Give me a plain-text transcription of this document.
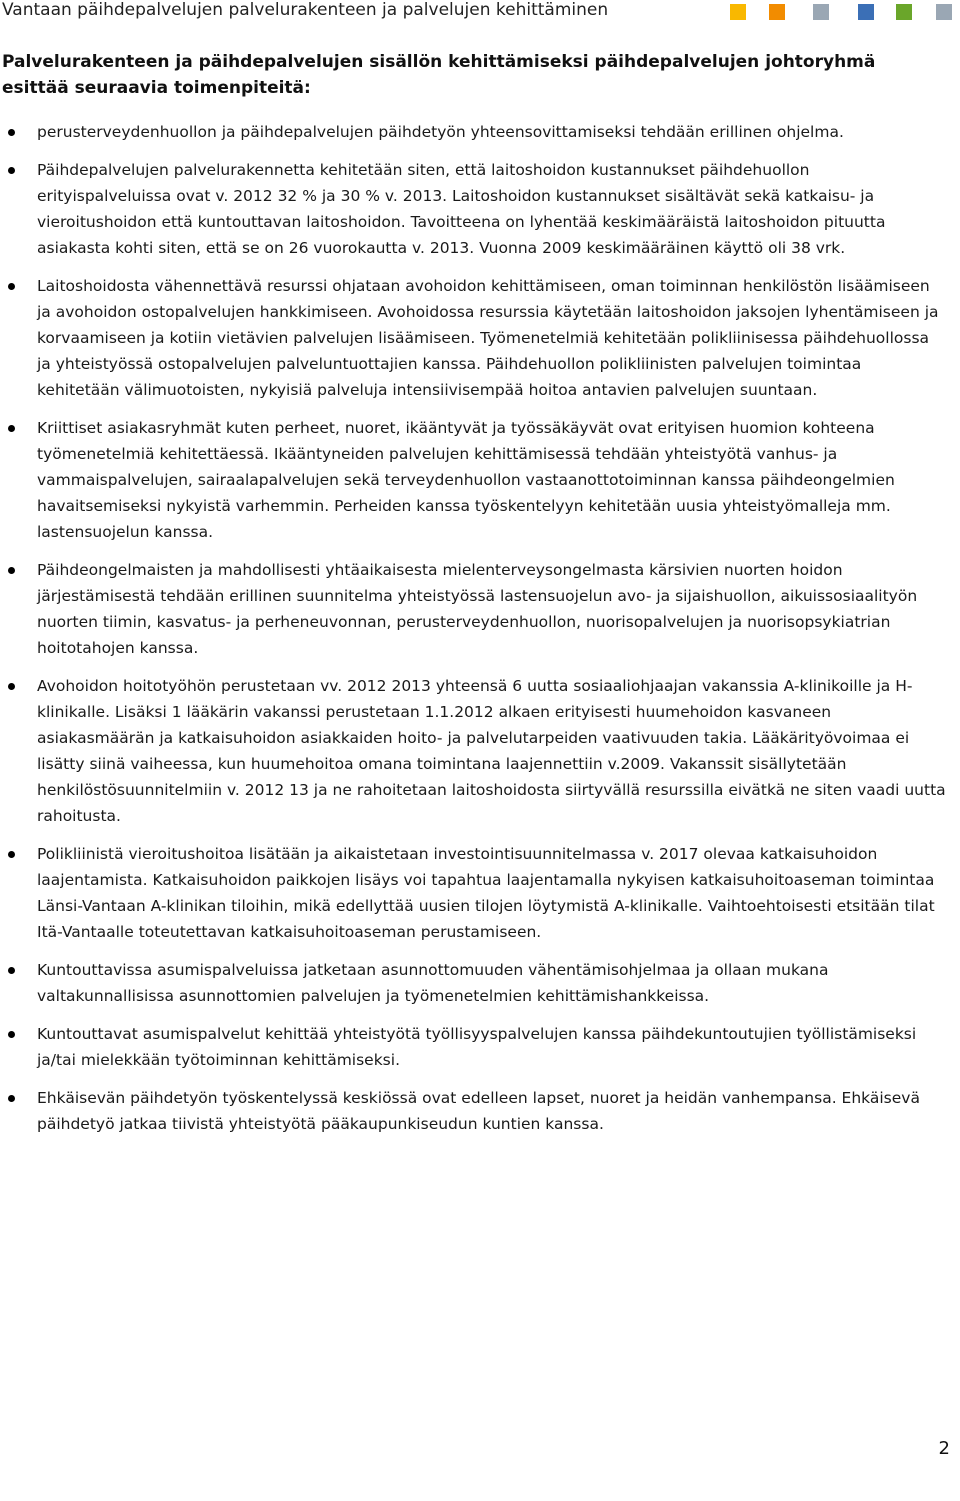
Vantaan päihdepalvelujen palvelurakenteen ja palvelujen kehittäminen
Palvelurakenteen ja päihdepalvelujen sisällön kehittämiseksi päihdepalvelujen johtoryhmä esittää seuraavia toimenpiteitä:
perusterveydenhuollon ja päihdepalvelujen päihdetyön yhteensovittamiseksi tehdään erillinen ohjelma.
Päihdepalvelujen palvelurakennetta kehitetään siten, että laitoshoidon kustannukset päihdehuollon erityispalveluissa ovat v. 2012 32 % ja 30 % v. 2013. Laitoshoidon kustannukset sisältävät sekä katkaisu- ja vieroitushoidon että kuntouttavan laitoshoidon. Tavoitteena on lyhentää keskimääräistä laitoshoidon pituutta asiakasta kohti siten, että se on 26 vuorokautta v. 2013. Vuonna 2009 keskimääräinen käyttö oli 38 vrk.
Laitoshoidosta vähennettävä resurssi ohjataan avohoidon kehittämiseen, oman toiminnan henkilöstön lisäämiseen ja avohoidon ostopalvelujen hankkimiseen. Avohoidossa resurssia käytetään laitoshoidon jaksojen lyhentämiseen ja korvaamiseen ja kotiin vietävien palvelujen lisäämiseen. Työmenetelmiä kehitetään polikliinisessa päihdehuollossa ja yhteistyössä ostopalvelujen palveluntuottajien kanssa. Päihdehuollon polikliinisten palvelujen toimintaa kehitetään välimuotoisten, nykyisiä palveluja intensiivisempää hoitoa antavien palvelujen suuntaan.
Kriittiset asiakasryhmät kuten perheet, nuoret, ikääntyvät ja työssäkäyvät ovat erityisen huomion kohteena työmenetelmiä kehitettäessä. Ikääntyneiden palvelujen kehittämisessä tehdään yhteistyötä vanhus- ja vammaispalvelujen, sairaalapalvelujen sekä terveydenhuollon vastaanottotoiminnan kanssa päihdeongelmien havaitsemiseksi nykyistä varhemmin. Perheiden kanssa työskentelyyn kehitetään uusia yhteistyömalleja mm. lastensuojelun kanssa.
Päihdeongelmaisten ja mahdollisesti yhtäaikaisesta mielenterveysongelmasta kärsivien nuorten hoidon järjestämisestä tehdään erillinen suunnitelma yhteistyössä lastensuojelun avo- ja sijaishuollon, aikuissosiaalityön nuorten tiimin, kasvatus- ja perheneuvonnan, perusterveydenhuollon, nuorisopalvelujen ja nuorisopsykiatrian hoitotahojen kanssa.
Avohoidon hoitotyöhön perustetaan vv. 2012 2013 yhteensä 6 uutta sosiaaliohjaajan vakanssia A-klinikoille ja H-klinikalle. Lisäksi 1 lääkärin vakanssi perustetaan 1.1.2012 alkaen erityisesti huumehoidon kasvaneen asiakasmäärän ja katkaisuhoidon asiakkaiden hoito- ja palvelutarpeiden vaativuuden takia. Lääkärityövoimaa ei lisätty siinä vaiheessa, kun huumehoitoa omana toimintana laajennettiin v.2009. Vakanssit sisällytetään henkilöstösuunnitelmiin v. 2012 13 ja ne rahoitetaan laitoshoidosta siirtyvällä resurssilla eivätkä ne siten vaadi uutta rahoitusta.
Polikliinistä vieroitushoitoa lisätään ja aikaistetaan investointisuunnitelmassa v. 2017 olevaa katkaisuhoidon laajentamista. Katkaisuhoidon paikkojen lisäys voi tapahtua laajentamalla nykyisen katkaisuhoitoaseman toimintaa Länsi-Vantaan A-klinikan tiloihin, mikä edellyttää uusien tilojen löytymistä A-klinikalle. Vaihtoehtoisesti etsitään tilat Itä-Vantaalle toteutettavan katkaisuhoitoaseman perustamiseen.
Kuntouttavissa asumispalveluissa jatketaan asunnottomuuden vähentämisohjelmaa ja ollaan mukana valtakunnallisissa asunnottomien palvelujen ja työmenetelmien kehittämishankkeissa.
Kuntouttavat asumispalvelut kehittää yhteistyötä työllisyyspalvelujen kanssa päihdekuntoutujien työllistämiseksi ja/tai mielekkään työtoiminnan kehittämiseksi.
Ehkäisevän päihdetyön työskentelyssä keskiössä ovat edelleen lapset, nuoret ja heidän vanhempansa. Ehkäisevä päihdetyö jatkaa tiivistä yhteistyötä pääkaupunkiseudun kuntien kanssa.
2
